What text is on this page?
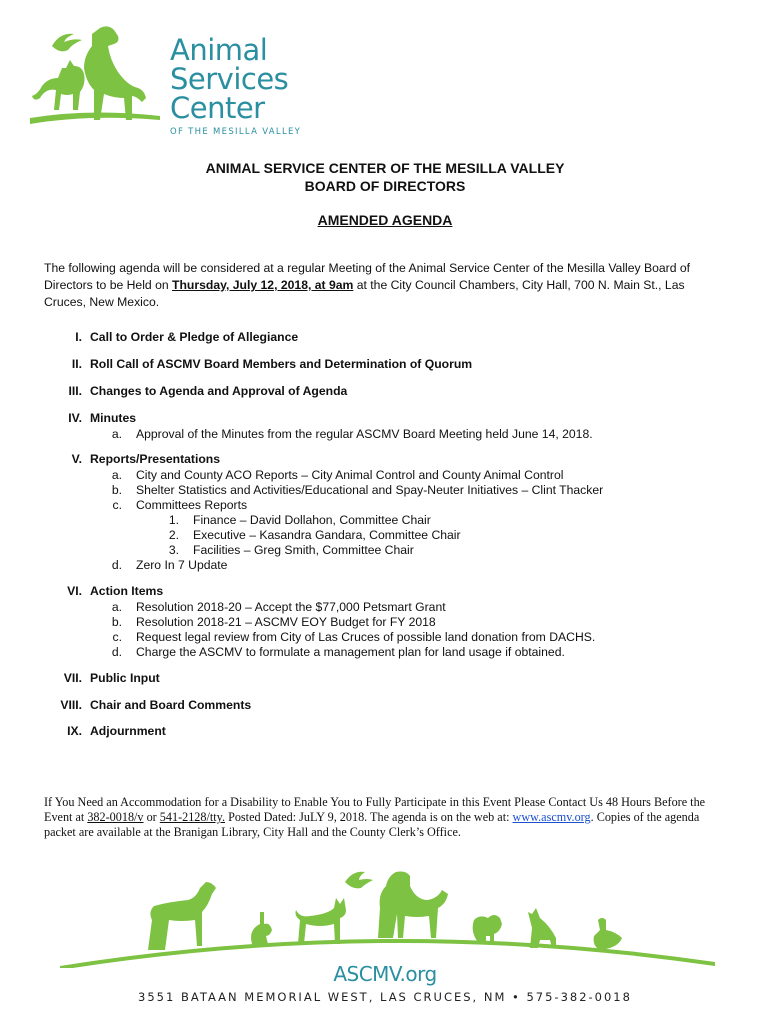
Animal
Services
Center
OF THE MESILLA VALLEY
ANIMAL SERVICE CENTER OF THE MESILLA VALLEY
BOARD OF DIRECTORS
AMENDED AGENDA
The following agenda will be considered at a regular Meeting of the Animal Service Center of the Mesilla Valley Board of Directors to be Held on Thursday, July 12, 2018, at 9am at the City Council Chambers, City Hall, 700 N. Main St., Las Cruces, New Mexico.
I. Call to Order & Pledge of Allegiance
II. Roll Call of ASCMV Board Members and Determination of Quorum
III. Changes to Agenda and Approval of Agenda
IV. Minutes
a. Approval of the Minutes from the regular ASCMV Board Meeting held June 14, 2018.
V. Reports/Presentations
a. City and County ACO Reports – City Animal Control and County Animal Control
b. Shelter Statistics and Activities/Educational and Spay-Neuter Initiatives – Clint Thacker
c. Committees Reports
1. Finance – David Dollahon, Committee Chair
2. Executive – Kasandra Gandara, Committee Chair
3. Facilities – Greg Smith, Committee Chair
d. Zero In 7 Update
VI. Action Items
a. Resolution 2018-20 – Accept the $77,000 Petsmart Grant
b. Resolution 2018-21 – ASCMV EOY Budget for FY 2018
c. Request legal review from City of Las Cruces of possible land donation from DACHS.
d. Charge the ASCMV to formulate a management plan for land usage if obtained.
VII. Public Input
VIII. Chair and Board Comments
IX. Adjournment
If You Need an Accommodation for a Disability to Enable You to Fully Participate in this Event Please Contact Us 48 Hours Before the Event at 382-0018/v or 541-2128/tty. Posted Dated: JuLY 9, 2018. The agenda is on the web at: www.ascmv.org. Copies of the agenda packet are available at the Branigan Library, City Hall and the County Clerk’s Office.
ASCMV.org
3551 BATAAN MEMORIAL WEST, LAS CRUCES, NM • 575-382-0018
